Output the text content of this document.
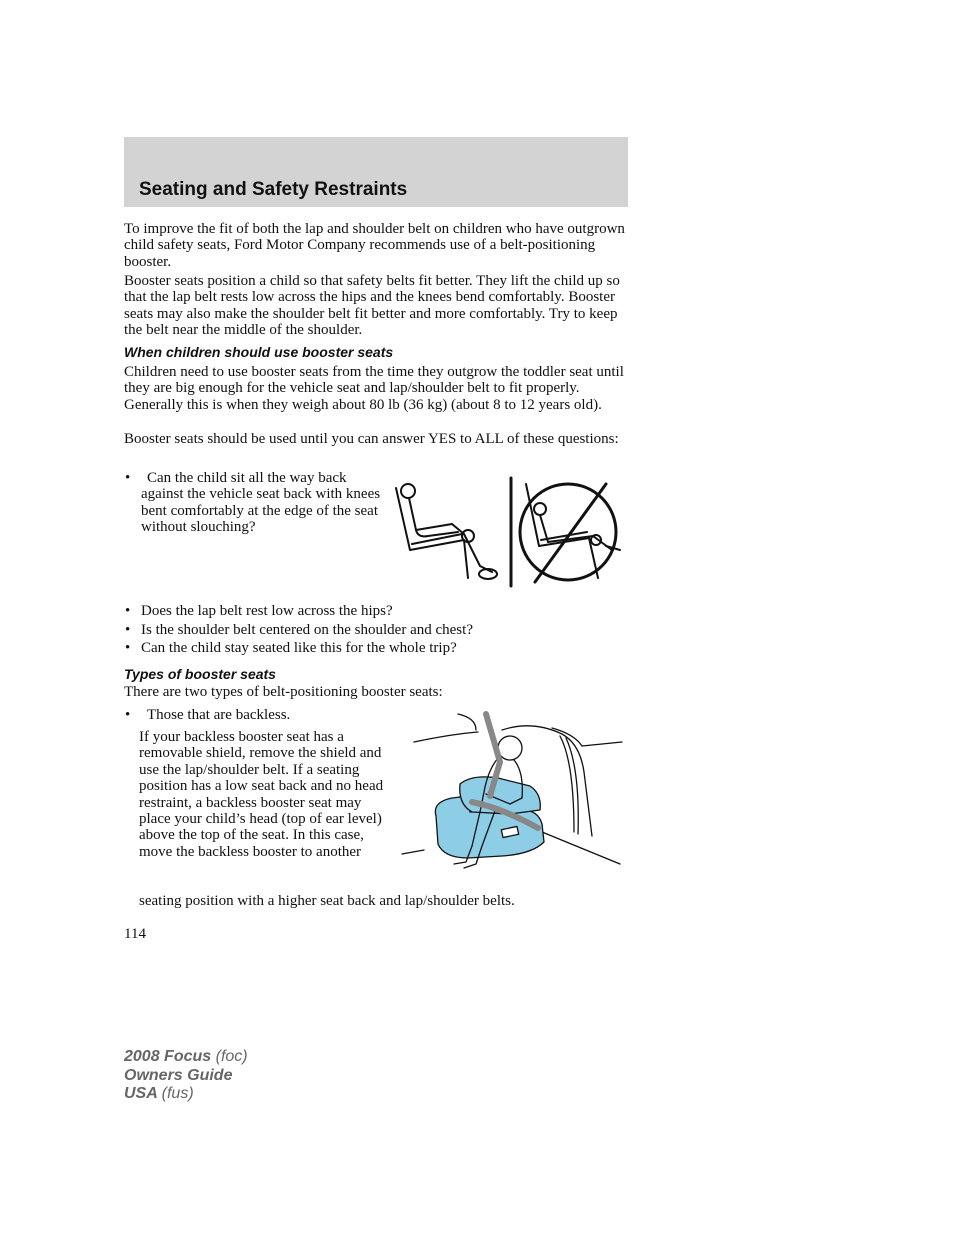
Seating and Safety Restraints

To improve the fit of both the lap and shoulder belt on children who have outgrown child safety seats, Ford Motor Company recommends use of a belt-positioning booster.

Booster seats position a child so that safety belts fit better. They lift the child up so that the lap belt rests low across the hips and the knees bend comfortably. Booster seats may also make the shoulder belt fit better and more comfortably. Try to keep the belt near the middle of the shoulder.

When children should use booster seats

Children need to use booster seats from the time they outgrow the toddler seat until they are big enough for the vehicle seat and lap/shoulder belt to fit properly. Generally this is when they weigh about 80 lb (36 kg) (about 8 to 12 years old).

Booster seats should be used until you can answer YES to ALL of these questions:

•	Can the child sit all the way back against the vehicle seat back with knees bent comfortably at the edge of the seat without slouching?

• Does the lap belt rest low across the hips?
• Is the shoulder belt centered on the shoulder and chest?
• Can the child stay seated like this for the whole trip?
Types of booster seats

There are two types of belt-positioning booster seats:

• Those that are backless.

If your backless booster seat has a removable shield, remove the shield and use the lap/shoulder belt. If a seating position has a low seat back and no head restraint, a backless booster seat may place your child’s head (top of ear level) above the top of the seat. In this case, move the backless booster to another

seating position with a higher seat back and lap/shoulder belts.

114
2008 Focus (foc)
Owners Guide
USA (fus)
